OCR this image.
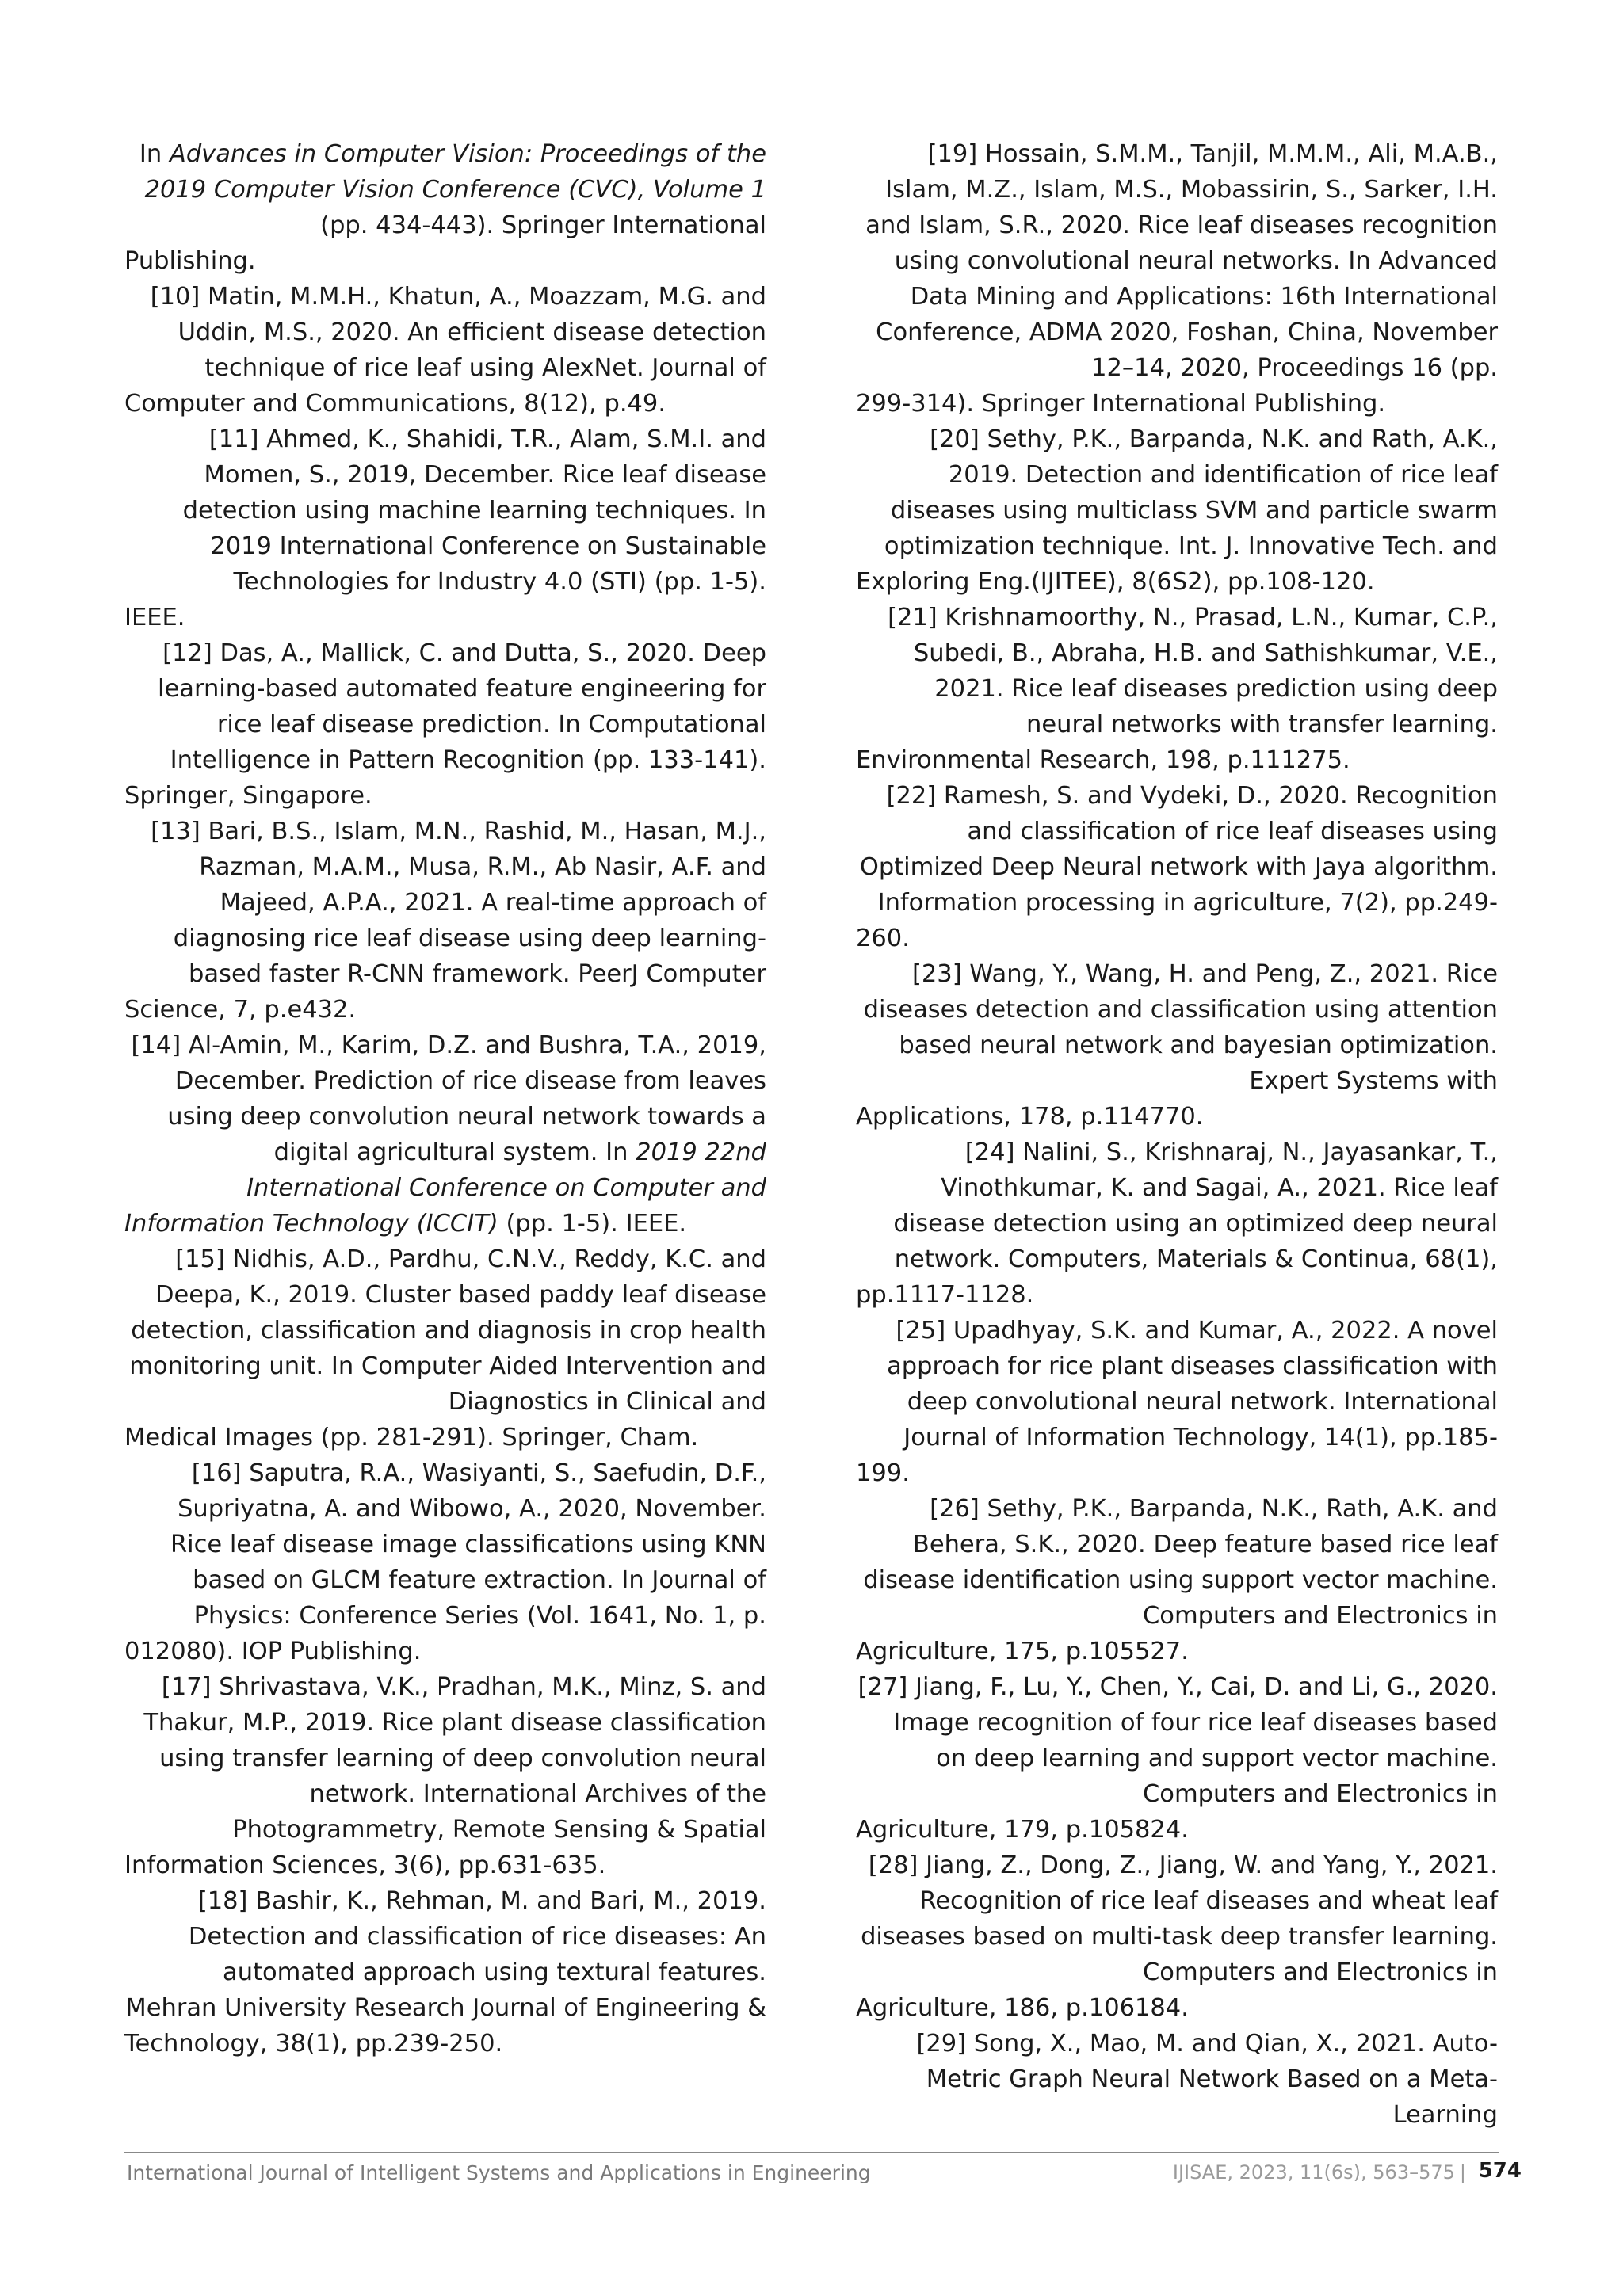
In Advances in Computer Vision: Proceedings of the 2019 Computer Vision Conference (CVC), Volume 1 (pp. 434-443). Springer International
Publishing.
[10] Matin, M.M.H., Khatun, A., Moazzam, M.G. and Uddin, M.S., 2020. An efficient disease detection technique of rice leaf using AlexNet. Journal of
Computer and Communications, 8(12), p.49.
[11] Ahmed, K., Shahidi, T.R., Alam, S.M.I. and Momen, S., 2019, December. Rice leaf disease detection using machine learning techniques. In 2019 International Conference on Sustainable Technologies for Industry 4.0 (STI) (pp. 1-5).
IEEE.
[12] Das, A., Mallick, C. and Dutta, S., 2020. Deep learning-based automated feature engineering for rice leaf disease prediction. In Computational Intelligence in Pattern Recognition (pp. 133-141).
Springer, Singapore.
[13] Bari, B.S., Islam, M.N., Rashid, M., Hasan, M.J., Razman, M.A.M., Musa, R.M., Ab Nasir, A.F. and Majeed, A.P.A., 2021. A real-time approach of diagnosing rice leaf disease using deep learning-based faster R-CNN framework. PeerJ Computer
Science, 7, p.e432.
[14] Al-Amin, M., Karim, D.Z. and Bushra, T.A., 2019, December. Prediction of rice disease from leaves using deep convolution neural network towards a digital agricultural system. In 2019 22nd International Conference on Computer and
Information Technology (ICCIT) (pp. 1-5). IEEE.
[15] Nidhis, A.D., Pardhu, C.N.V., Reddy, K.C. and Deepa, K., 2019. Cluster based paddy leaf disease detection, classification and diagnosis in crop health monitoring unit. In Computer Aided Intervention and Diagnostics in Clinical and
Medical Images (pp. 281-291). Springer, Cham.
[16] Saputra, R.A., Wasiyanti, S., Saefudin, D.F., Supriyatna, A. and Wibowo, A., 2020, November. Rice leaf disease image classifications using KNN based on GLCM feature extraction. In Journal of Physics: Conference Series (Vol. 1641, No. 1, p.
012080). IOP Publishing.
[17] Shrivastava, V.K., Pradhan, M.K., Minz, S. and Thakur, M.P., 2019. Rice plant disease classification using transfer learning of deep convolution neural network. International Archives of the Photogrammetry, Remote Sensing & Spatial
Information Sciences, 3(6), pp.631-635.
[18] Bashir, K., Rehman, M. and Bari, M., 2019. Detection and classification of rice diseases: An automated approach using textural features. Mehran University Research Journal of Engineering &
Technology, 38(1), pp.239-250.
[19] Hossain, S.M.M., Tanjil, M.M.M., Ali, M.A.B., Islam, M.Z., Islam, M.S., Mobassirin, S., Sarker, I.H. and Islam, S.R., 2020. Rice leaf diseases recognition using convolutional neural networks. In Advanced Data Mining and Applications: 16th International Conference, ADMA 2020, Foshan, China, November 12–14, 2020, Proceedings 16 (pp.
299-314). Springer International Publishing.
[20] Sethy, P.K., Barpanda, N.K. and Rath, A.K., 2019. Detection and identification of rice leaf diseases using multiclass SVM and particle swarm optimization technique. Int. J. Innovative Tech. and
Exploring Eng.(IJITEE), 8(6S2), pp.108-120.
[21] Krishnamoorthy, N., Prasad, L.N., Kumar, C.P., Subedi, B., Abraha, H.B. and Sathishkumar, V.E., 2021. Rice leaf diseases prediction using deep neural networks with transfer learning.
Environmental Research, 198, p.111275.
[22] Ramesh, S. and Vydeki, D., 2020. Recognition and classification of rice leaf diseases using Optimized Deep Neural network with Jaya algorithm. Information processing in agriculture, 7(2), pp.249-
260.
[23] Wang, Y., Wang, H. and Peng, Z., 2021. Rice diseases detection and classification using attention based neural network and bayesian optimization. Expert Systems with
Applications, 178, p.114770.
[24] Nalini, S., Krishnaraj, N., Jayasankar, T., Vinothkumar, K. and Sagai, A., 2021. Rice leaf disease detection using an optimized deep neural network. Computers, Materials & Continua, 68(1),
pp.1117-1128.
[25] Upadhyay, S.K. and Kumar, A., 2022. A novel approach for rice plant diseases classification with deep convolutional neural network. International Journal of Information Technology, 14(1), pp.185-
199.
[26] Sethy, P.K., Barpanda, N.K., Rath, A.K. and Behera, S.K., 2020. Deep feature based rice leaf disease identification using support vector machine. Computers and Electronics in
Agriculture, 175, p.105527.
[27] Jiang, F., Lu, Y., Chen, Y., Cai, D. and Li, G., 2020. Image recognition of four rice leaf diseases based on deep learning and support vector machine. Computers and Electronics in
Agriculture, 179, p.105824.
[28] Jiang, Z., Dong, Z., Jiang, W. and Yang, Y., 2021. Recognition of rice leaf diseases and wheat leaf diseases based on multi-task deep transfer learning. Computers and Electronics in
Agriculture, 186, p.106184.
[29] Song, X., Mao, M. and Qian, X., 2021. Auto-Metric Graph Neural Network Based on a Meta-Learning
International Journal of Intelligent Systems and Applications in Engineering	IJISAE, 2023, 11(6s), 563–575 | 574
